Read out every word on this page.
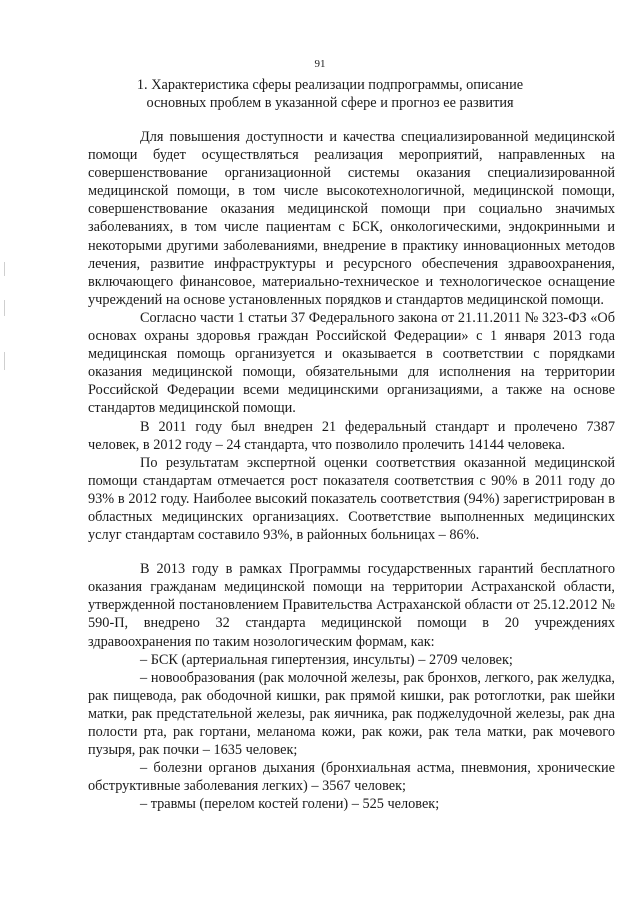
91
1. Характеристика сферы реализации подпрограммы, описание
основных проблем в указанной сфере и прогноз ее развития

Для повышения доступности и качества специализированной медицинской помощи будет осуществляться реализация мероприятий, направленных на совершенствование организационной системы оказания специализированной медицинской помощи, в том числе высокотехнологичной, медицинской помощи, совершенствование оказания медицинской помощи при социально значимых заболеваниях, в том числе пациентам с БСК, онкологическими, эндокринными и некоторыми другими заболеваниями, внедрение в практику инновационных методов лечения, развитие инфраструктуры и ресурсного обеспечения здравоохранения, включающего финансовое, материально-техническое и технологическое оснащение учреждений на основе установленных порядков и стандартов медицинской помощи.

Согласно части 1 статьи 37 Федерального закона от 21.11.2011 № 323-ФЗ «Об основах охраны здоровья граждан Российской Федерации» с 1 января 2013 года медицинская помощь организуется и оказывается в соответствии с порядками оказания медицинской помощи, обязательными для исполнения на территории Российской Федерации всеми медицинскими организациями, а также на основе стандартов медицинской помощи.

В 2011 году был внедрен 21 федеральный стандарт и пролечено 7387 человек, в 2012 году – 24 стандарта, что позволило пролечить 14144 человека.

По результатам экспертной оценки соответствия оказанной медицинской помощи стандартам отмечается рост показателя соответствия с 90% в 2011 году до 93% в 2012 году. Наиболее высокий показатель соответствия (94%) зарегистрирован в областных медицинских организациях. Соответствие выполненных медицинских услуг стандартам составило 93%, в районных больницах – 86%.

В 2013 году в рамках Программы государственных гарантий бесплатного оказания гражданам медицинской помощи на территории Астраханской области, утвержденной постановлением Правительства Астраханской области от 25.12.2012 № 590-П, внедрено 32 стандарта медицинской помощи в 20 учреждениях здравоохранения по таким нозологическим формам, как:

– БСК (артериальная гипертензия, инсульты) – 2709 человек;

– новообразования (рак молочной железы, рак бронхов, легкого, рак желудка, рак пищевода, рак ободочной кишки, рак прямой кишки, рак ротоглотки, рак шейки матки, рак предстательной железы, рак яичника, рак поджелудочной железы, рак дна полости рта, рак гортани, меланома кожи, рак кожи, рак тела матки, рак мочевого пузыря, рак почки – 1635 человек;

– болезни органов дыхания (бронхиальная астма, пневмония, хронические обструктивные заболевания легких) – 3567 человек;

– травмы (перелом костей голени) – 525 человек;
